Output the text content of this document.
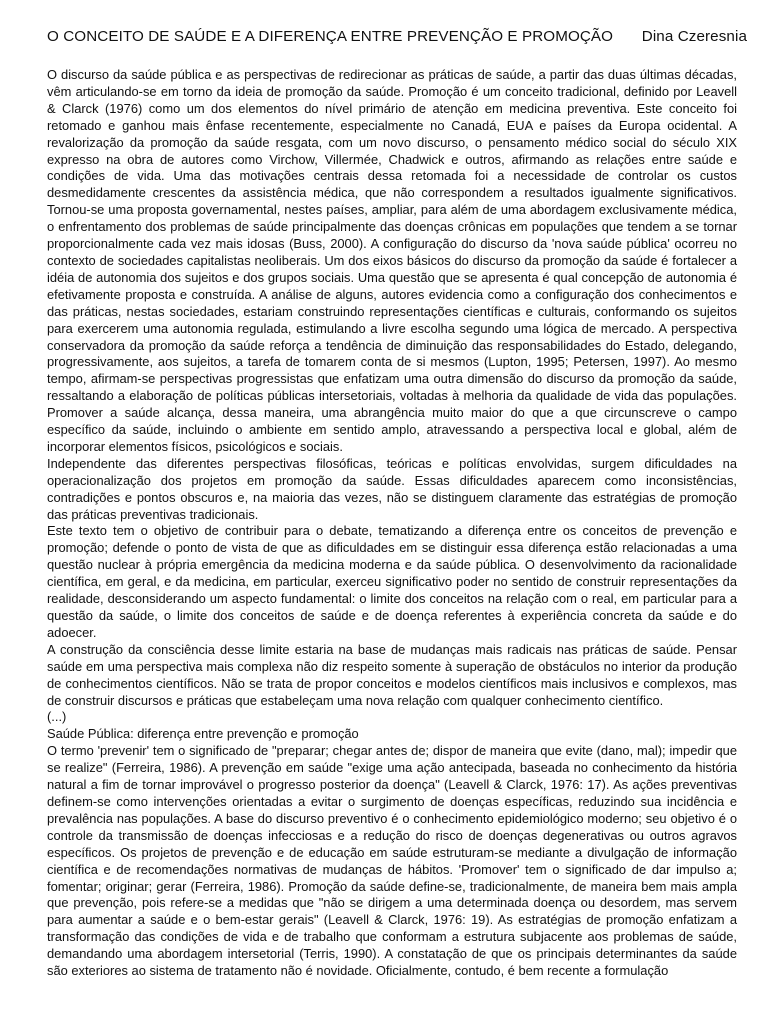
O CONCEITO DE SAÚDE E A DIFERENÇA ENTRE PREVENÇÃO E PROMOÇÃO Dina Czeresnia

O discurso da saúde pública e as perspectivas de redirecionar as práticas de saúde, a partir das duas últimas décadas, vêm articulando-se em torno da ideia de promoção da saúde. Promoção é um conceito tradicional, definido por Leavell & Clarck (1976) como um dos elementos do nível primário de atenção em medicina preventiva. Este conceito foi retomado e ganhou mais ênfase recentemente, especialmente no Canadá, EUA e países da Europa ocidental. A revalorização da promoção da saúde resgata, com um novo discurso, o pensamento médico social do século XIX expresso na obra de autores como Virchow, Villermée, Chadwick e outros, afirmando as relações entre saúde e condições de vida. Uma das motivações centrais dessa retomada foi a necessidade de controlar os custos desmedidamente crescentes da assistência médica, que não correspondem a resultados igualmente significativos. Tornou-se uma proposta governamental, nestes países, ampliar, para além de uma abordagem exclusivamente médica, o enfrentamento dos problemas de saúde principalmente das doenças crônicas em populações que tendem a se tornar proporcionalmente cada vez mais idosas (Buss, 2000). A configuração do discurso da 'nova saúde pública' ocorreu no contexto de sociedades capitalistas neoliberais. Um dos eixos básicos do discurso da promoção da saúde é fortalecer a idéia de autonomia dos sujeitos e dos grupos sociais. Uma questão que se apresenta é qual concepção de autonomia é efetivamente proposta e construída. A análise de alguns, autores evidencia como a configuração dos conhecimentos e das práticas, nestas sociedades, estariam construindo representações científicas e culturais, conformando os sujeitos para exercerem uma autonomia regulada, estimulando a livre escolha segundo uma lógica de mercado. A perspectiva conservadora da promoção da saúde reforça a tendência de diminuição das responsabilidades do Estado, delegando, progressivamente, aos sujeitos, a tarefa de tomarem conta de si mesmos (Lupton, 1995; Petersen, 1997). Ao mesmo tempo, afirmam-se perspectivas progressistas que enfatizam uma outra dimensão do discurso da promoção da saúde, ressaltando a elaboração de políticas públicas intersetoriais, voltadas à melhoria da qualidade de vida das populações. Promover a saúde alcança, dessa maneira, uma abrangência muito maior do que a que circunscreve o campo específico da saúde, incluindo o ambiente em sentido amplo, atravessando a perspectiva local e global, além de incorporar elementos físicos, psicológicos e sociais.

Independente das diferentes perspectivas filosóficas, teóricas e políticas envolvidas, surgem dificuldades na operacionalização dos projetos em promoção da saúde. Essas dificuldades aparecem como inconsistências, contradições e pontos obscuros e, na maioria das vezes, não se distinguem claramente das estratégias de promoção das práticas preventivas tradicionais.

Este texto tem o objetivo de contribuir para o debate, tematizando a diferença entre os conceitos de prevenção e promoção; defende o ponto de vista de que as dificuldades em se distinguir essa diferença estão relacionadas a uma questão nuclear à própria emergência da medicina moderna e da saúde pública. O desenvolvimento da racionalidade científica, em geral, e da medicina, em particular, exerceu significativo poder no sentido de construir representações da realidade, desconsiderando um aspecto fundamental: o limite dos conceitos na relação com o real, em particular para a questão da saúde, o limite dos conceitos de saúde e de doença referentes à experiência concreta da saúde e do adoecer.

A construção da consciência desse limite estaria na base de mudanças mais radicais nas práticas de saúde. Pensar saúde em uma perspectiva mais complexa não diz respeito somente à superação de obstáculos no interior da produção de conhecimentos científicos. Não se trata de propor conceitos e modelos científicos mais inclusivos e complexos, mas de construir discursos e práticas que estabeleçam uma nova relação com qualquer conhecimento científico.

(...)

Saúde Pública: diferença entre prevenção e promoção

O termo 'prevenir' tem o significado de "preparar; chegar antes de; dispor de maneira que evite (dano, mal); impedir que se realize" (Ferreira, 1986). A prevenção em saúde "exige uma ação antecipada, baseada no conhecimento da história natural a fim de tornar improvável o progresso posterior da doença" (Leavell & Clarck, 1976: 17). As ações preventivas definem-se como intervenções orientadas a evitar o surgimento de doenças específicas, reduzindo sua incidência e prevalência nas populações. A base do discurso preventivo é o conhecimento epidemiológico moderno; seu objetivo é o controle da transmissão de doenças infecciosas e a redução do risco de doenças degenerativas ou outros agravos específicos. Os projetos de prevenção e de educação em saúde estruturam-se mediante a divulgação de informação científica e de recomendações normativas de mudanças de hábitos. 'Promover' tem o significado de dar impulso a; fomentar; originar; gerar (Ferreira, 1986). Promoção da saúde define-se, tradicionalmente, de maneira bem mais ampla que prevenção, pois refere-se a medidas que "não se dirigem a uma determinada doença ou desordem, mas servem para aumentar a saúde e o bem-estar gerais" (Leavell & Clarck, 1976: 19). As estratégias de promoção enfatizam a transformação das condições de vida e de trabalho que conformam a estrutura subjacente aos problemas de saúde, demandando uma abordagem intersetorial (Terris, 1990). A constatação de que os principais determinantes da saúde são exteriores ao sistema de tratamento não é novidade. Oficialmente, contudo, é bem recente a formulação
